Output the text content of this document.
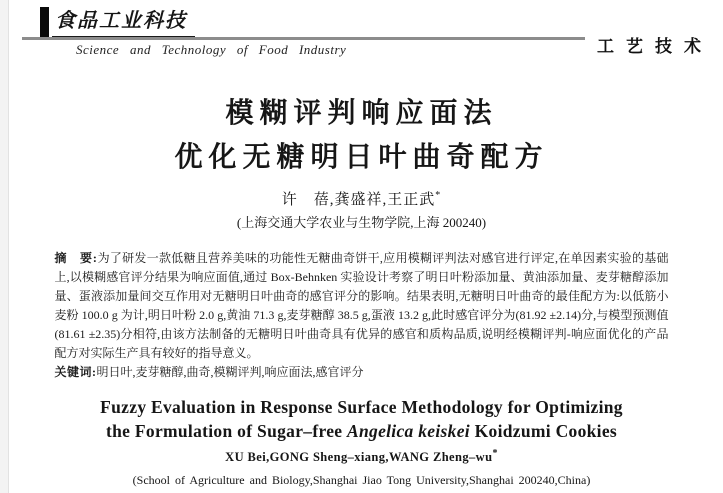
食品工业科技
Science and Technology of Food Industry	工艺技术
模糊评判响应面法
优化无糖明日叶曲奇配方
许　蓓,龚盛祥,王正武*
(上海交通大学农业与生物学院,上海 200240)

摘　要:为了研发一款低糖且营养美味的功能性无糖曲奇饼干,应用模糊评判法对感官进行评定,在单因素实验的基础上,以模糊感官评分结果为响应面值,通过 Box-Behnken 实验设计考察了明日叶粉添加量、黄油添加量、麦芽糖醇添加量、蛋液添加量间交互作用对无糖明日叶曲奇的感官评分的影响。结果表明,无糖明日叶曲奇的最佳配方为:以低筋小麦粉 100.0 g 为计,明日叶粉 2.0 g,黄油 71.3 g,麦芽糖醇 38.5 g,蛋液 13.2 g,此时感官评分为(81.92 ±2.14)分,与模型预测值(81.61 ±2.35)分相符,由该方法制备的无糖明日叶曲奇具有优异的感官和质构品质,说明经模糊评判-响应面优化的产品配方对实际生产具有较好的指导意义。

关键词:明日叶,麦芽糖醇,曲奇,模糊评判,响应面法,感官评分

Fuzzy Evaluation in Response Surface Methodology for Optimizing
the Formulation of Sugar–free Angelica keiskei Koidzumi Cookies
XU Bei,GONG Sheng–xiang,WANG Zheng–wu*
(School of Agriculture and Biology,Shanghai Jiao Tong University,Shanghai 200240,China)
